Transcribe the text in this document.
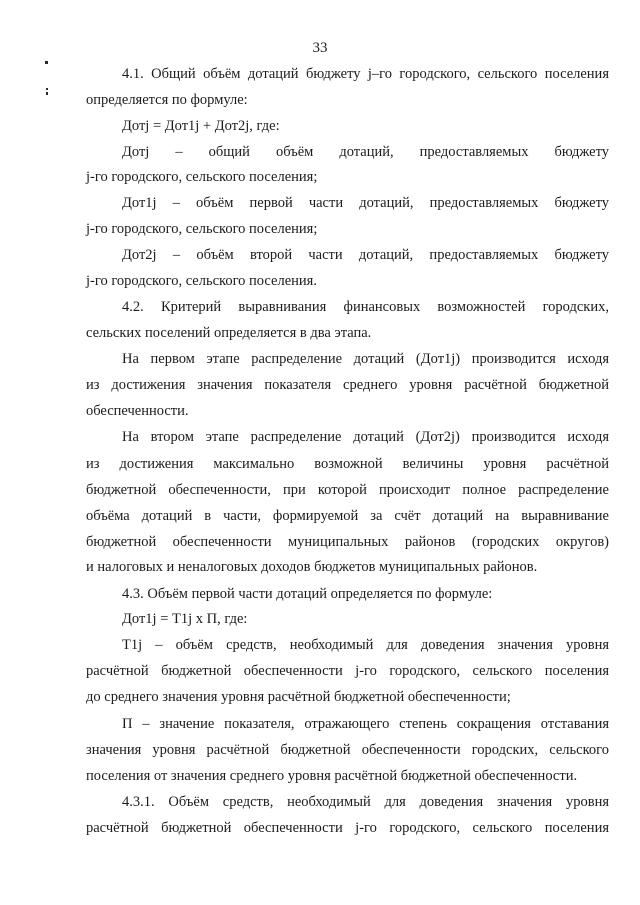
33
4.1. Общий объём дотаций бюджету j–го городского, сельского поселения
определяется по формуле:
Дотj = Дот1j + Дот2j, где:
Дотj – общий объём дотаций, предоставляемых бюджету
j-го городского, сельского поселения;
Дот1j – объём первой части дотаций, предоставляемых бюджету
j-го городского, сельского поселения;
Дот2j – объём второй части дотаций, предоставляемых бюджету
j-го городского, сельского поселения.
4.2. Критерий выравнивания финансовых возможностей городских,
сельских поселений определяется в два этапа.
На первом этапе распределение дотаций (Дот1j) производится исходя
из достижения значения показателя среднего уровня расчётной бюджетной
обеспеченности.
На втором этапе распределение дотаций (Дот2j) производится исходя
из достижения максимально возможной величины уровня расчётной
бюджетной обеспеченности, при которой происходит полное распределение
объёма дотаций в части, формируемой за счёт дотаций на выравнивание
бюджетной обеспеченности муниципальных районов (городских округов)
и налоговых и неналоговых доходов бюджетов муниципальных районов.
4.3. Объём первой части дотаций определяется по формуле:
Дот1j = Т1j х П, где:
Т1j – объём средств, необходимый для доведения значения уровня
расчётной бюджетной обеспеченности j-го городского, сельского поселения
до среднего значения уровня расчётной бюджетной обеспеченности;
П – значение показателя, отражающего степень сокращения отставания
значения уровня расчётной бюджетной обеспеченности городских, сельского
поселения от значения среднего уровня расчётной бюджетной обеспеченности.
4.3.1. Объём средств, необходимый для доведения значения уровня
расчётной бюджетной обеспеченности j-го городского, сельского поселения
